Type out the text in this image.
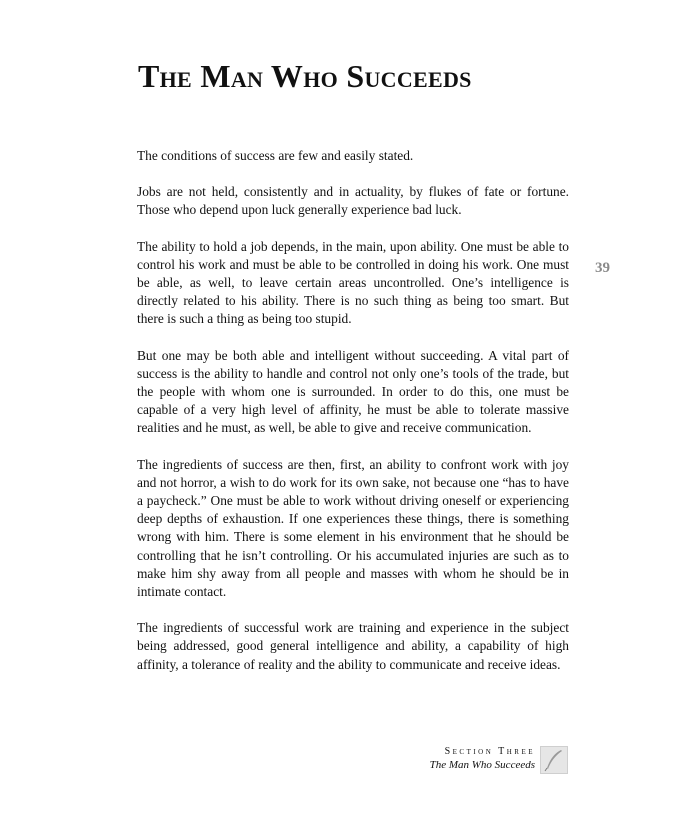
The Man Who Succeeds

The conditions of success are few and easily stated.

Jobs are not held, consistently and in actuality, by flukes of fate or fortune. Those who depend upon luck generally experience bad luck.

The ability to hold a job depends, in the main, upon ability. One must be able to control his work and must be able to be controlled in doing his work. One must be able, as well, to leave certain areas uncontrolled. One’s intelligence is directly related to his ability. There is no such thing as being too smart. But there is such a thing as being too stupid.

But one may be both able and intelligent without succeeding. A vital part of success is the ability to handle and control not only one’s tools of the trade, but the people with whom one is surrounded. In order to do this, one must be capable of a very high level of affinity, he must be able to tolerate massive realities and he must, as well, be able to give and receive communication.

The ingredients of success are then, first, an ability to confront work with joy and not horror, a wish to do work for its own sake, not because one “has to have a paycheck.” One must be able to work without driving oneself or experiencing deep depths of exhaustion. If one experiences these things, there is something wrong with him. There is some element in his environment that he should be controlling that he isn’t controlling. Or his accumulated injuries are such as to make him shy away from all people and masses with whom he should be in intimate contact.

The ingredients of successful work are training and experience in the subject being addressed, good general intelligence and ability, a capability of high affinity, a tolerance of reality and the ability to communicate and receive ideas.

39
Section Three
The Man Who Succeeds
